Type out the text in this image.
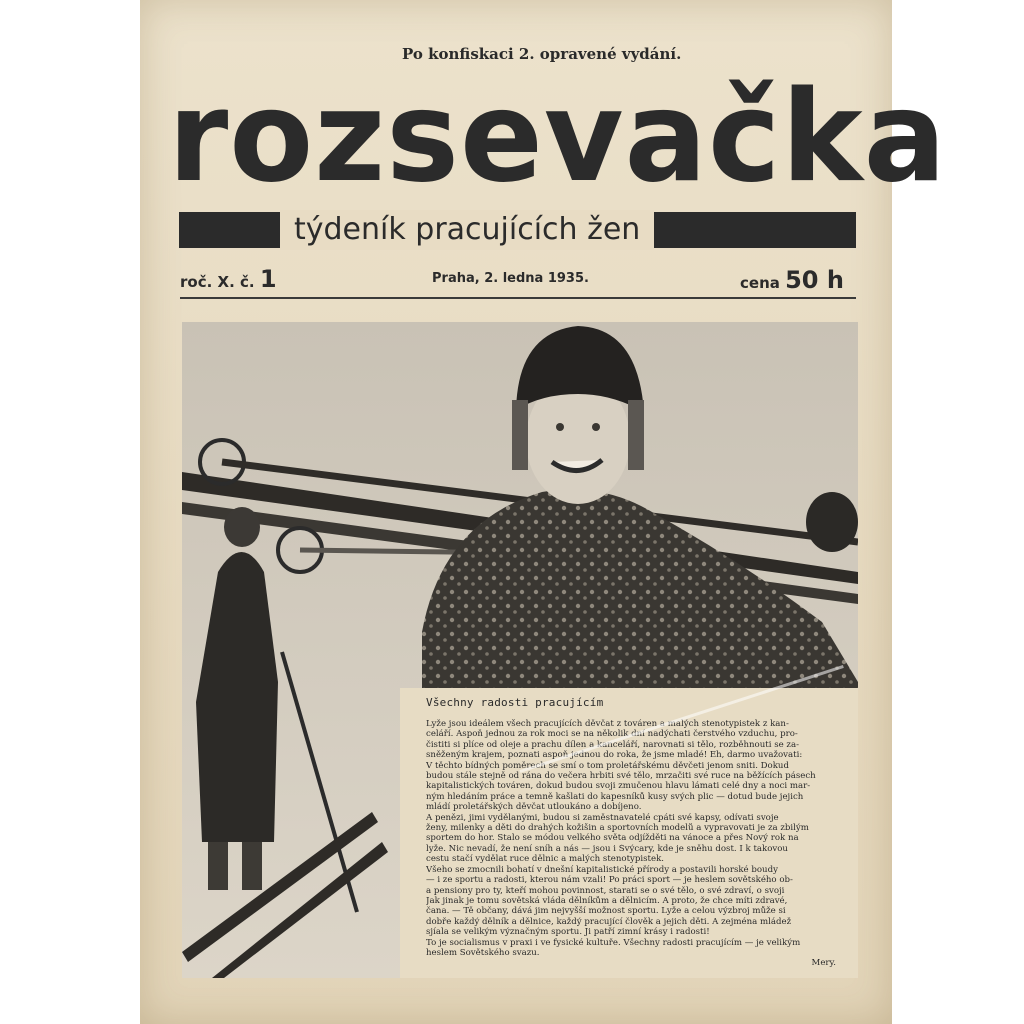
Po konfiskaci 2. opravené vydání.
rozsevačka
týdeník pracujících žen
roč. X. č. 1	Praha, 2. ledna 1935.	cena 50 h
Všechny radosti pracujícím
Lyže jsou ideálem všech pracujících děvčat z továren a malých stenotypistek z kan-
celáří. Aspoň jednou za rok moci se na několik dní nadýchati čerstvého vzduchu, pro-
čistiti si plíce od oleje a prachu dílen a kanceláří, narovnati si tělo, rozběhnouti se za-
sněženým krajem, poznati aspoň jednou do roka, že jsme mladé! Eh, darmo uvažovati:
V těchto bídných poměrech se smí o tom proletářskému děvčeti jenom sniti. Dokud
budou stále stejně od rána do večera hrbiti své tělo, mrzačiti své ruce na běžících pásech
kapitalistických továren, dokud budou svoji zmučenou hlavu lámati celé dny a noci mar-
ným hledáním práce a temně kašlati do kapesníků kusy svých plic — dotud bude jejich
mládí proletářských děvčat utloukáno a dobíjeno.
A penězi, jimi vydělanými, budou si zaměstnavatelé cpáti své kapsy, odívati svoje
ženy, milenky a děti do drahých kožišin a sportovních modelů a vypravovati je za zbilým
sportem do hor. Stalo se módou velkého světa odjížděti na vánoce a přes Nový rok na
lyže. Nic nevadí, že není sníh a nás — jsou i Švýcary, kde je sněhu dost. I k takovou
cestu stačí vydělat ruce dělnic a malých stenotypistek.
Všeho se zmocnili bohatí v dnešní kapitalistické přírody a postavili horské boudy
— i ze sportu a radosti, kterou nám vzali! Po práci sport — je heslem sovětského ob-
a pensiony pro ty, kteří mohou povinnost, starati se o své tělo, o své zdraví, o svoji
Jak jinak je tomu sovětská vláda dělníkům a dělnicím. A proto, že chce míti zdravé,
čana. — Tě občany, dává jim nejvyšší možnost sportu. Lyže a celou výzbroj může si
dobře každý dělník a dělnice, každý pracující člověk a jejich děti. A zejména mládež
sjíala se velikým význačným sportu. Ji patří zimní krásy i radosti!
To je socialismus v praxi i ve fysické kultuře. Všechny radosti pracujícím — je velikým
heslem Sovětského svazu.
Mery.
